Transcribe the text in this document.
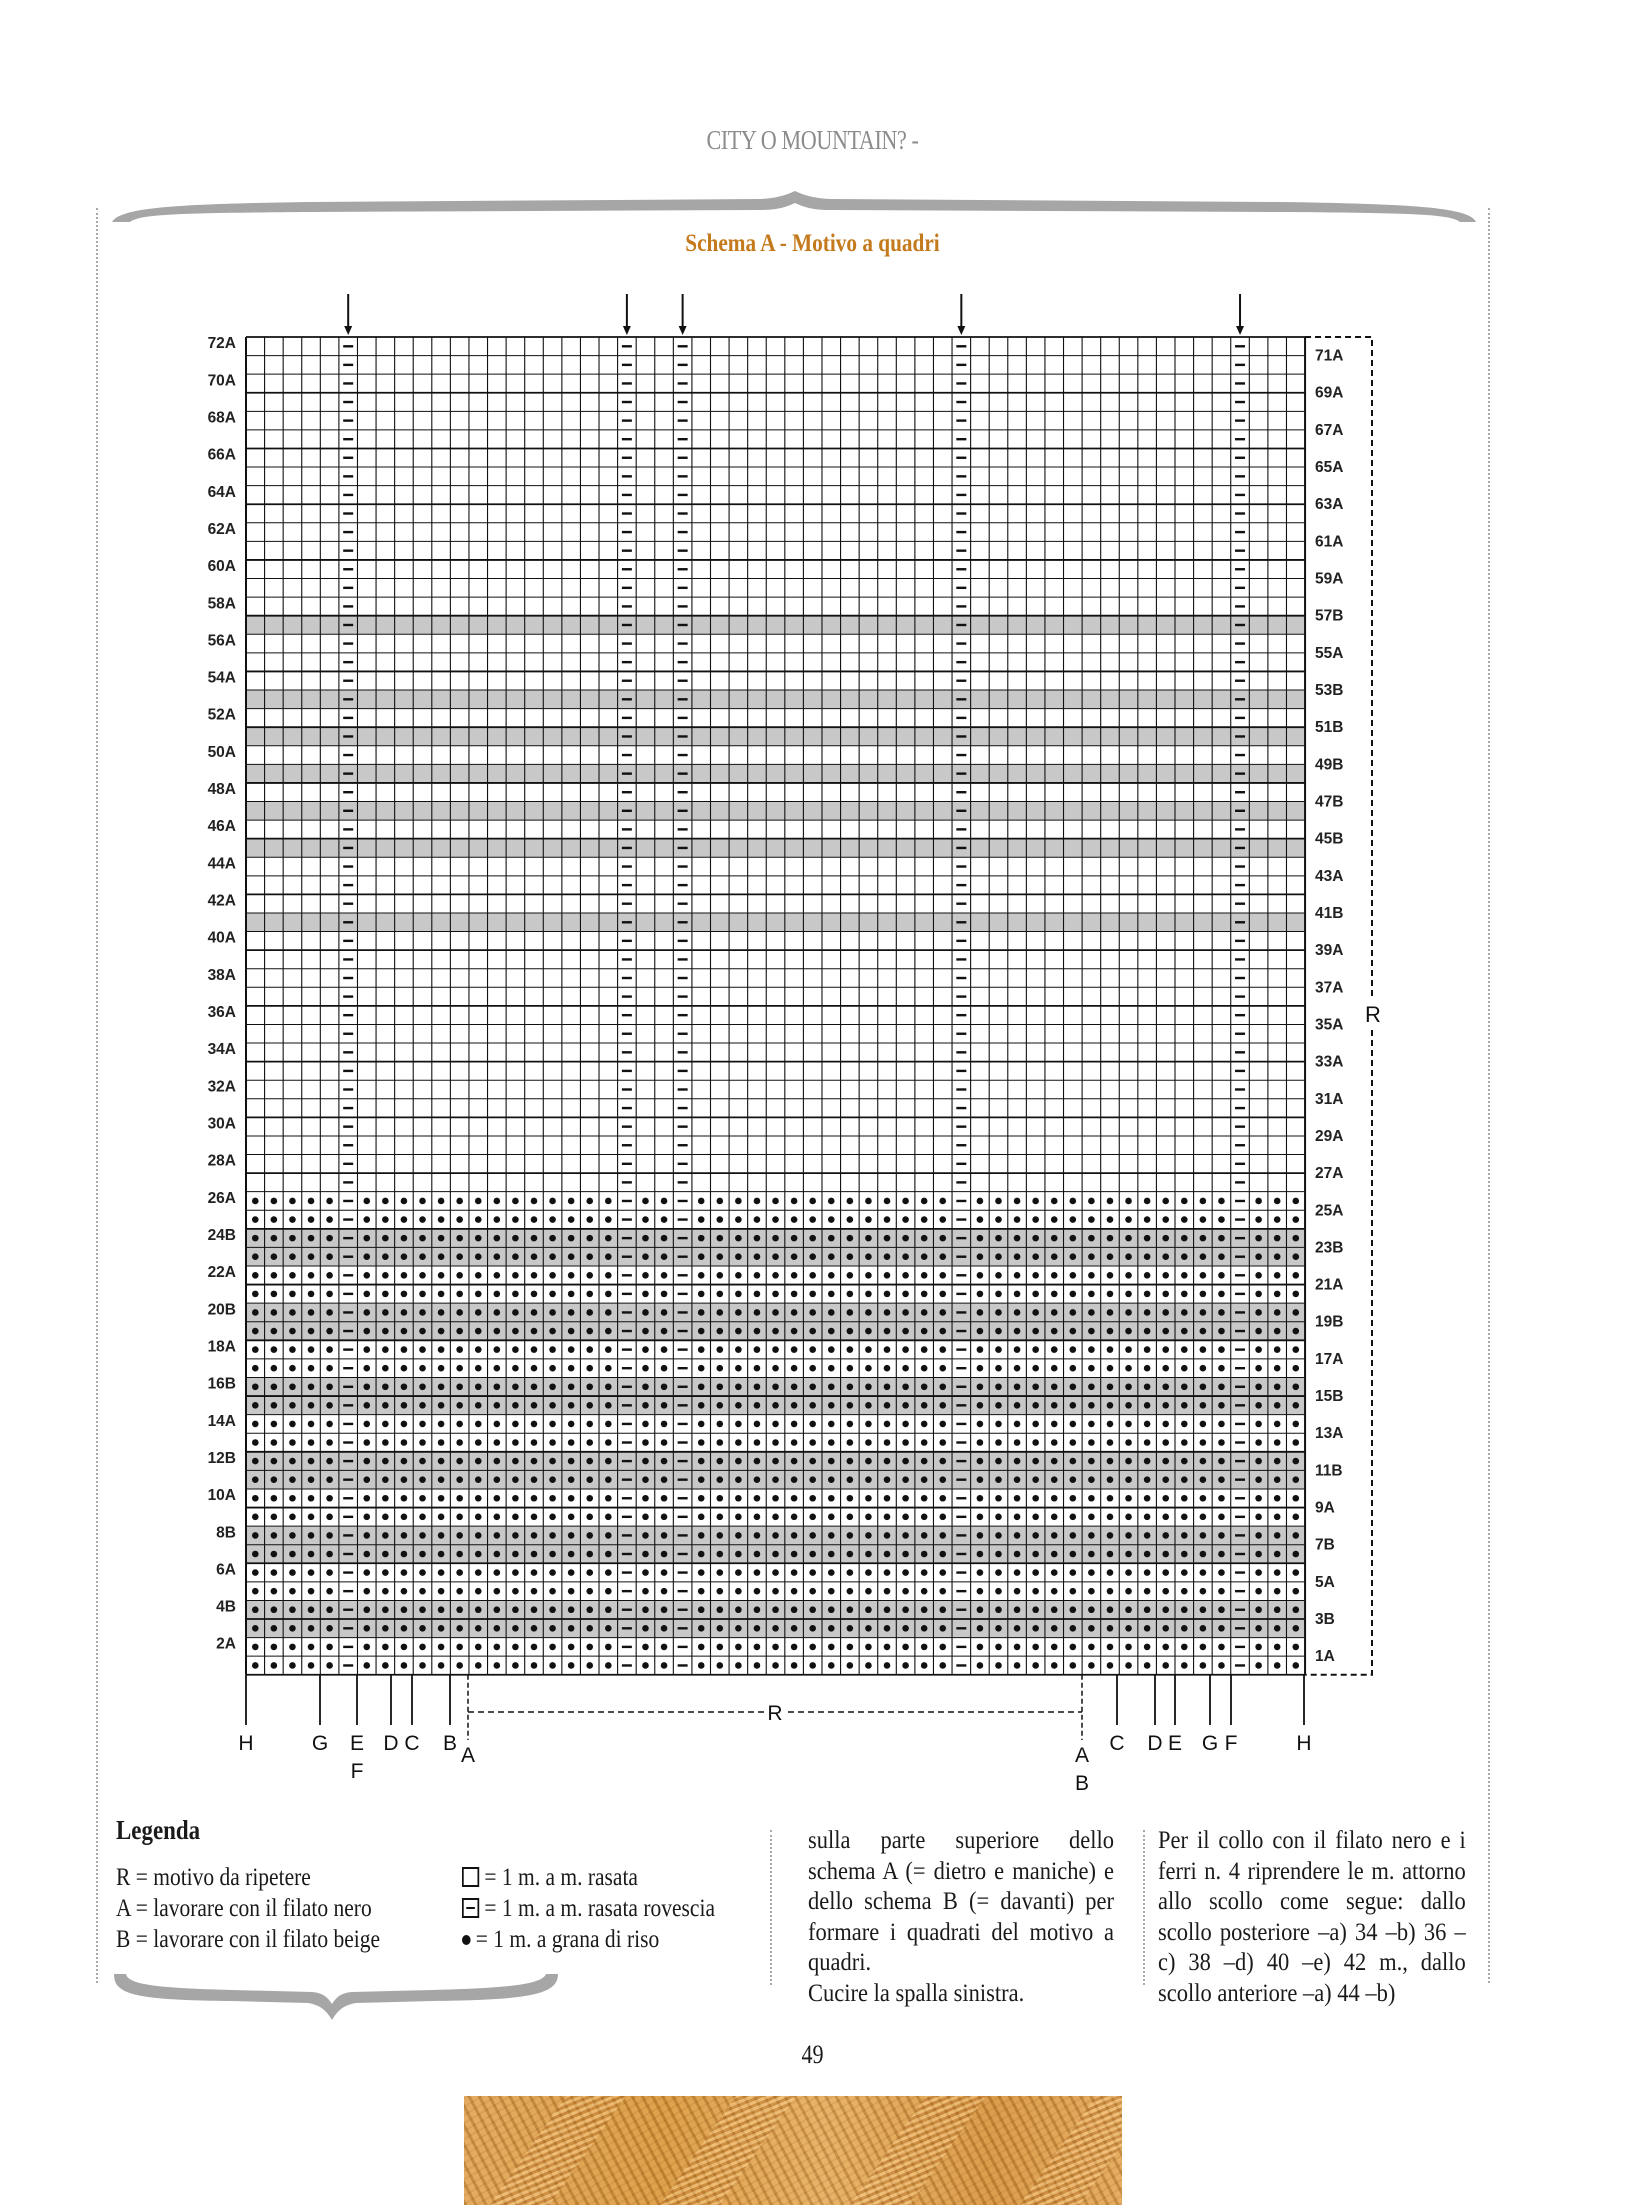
CITY O MOUNTAIN? -
Schema A - Motivo a quadri
2A
4B
6A
8B
10A
12B
14A
16B
18A
20B
22A
24B
26A
28A
30A
32A
34A
36A
38A
40A
42A
44A
46A
48A
50A
52A
54A
56A
58A
60A
62A
64A
66A
68A
70A
72A
1A
3B
5A
7B
9A
11B
13A
15B
17A
19B
21A
23B
25A
27A
29A
31A
33A
35A
37A
39A
41B
43A
45B
47B
49B
51B
53B
55A
57B
59A
61A
63A
65A
67A
69A
71A
R
H	G E
F
D C B
A	A
B
C D E G F	H
R
Legenda
R = motivo da ripetere
A = lavorare con il filato nero
B = lavorare con il filato beige
= 1 m. a m. rasata
= 1 m. a m. rasata rovescia
= 1 m. a grana di riso

sulla parte superiore dello schema A (= dietro e maniche) e dello schema B (= davanti) per formare i quadrati del motivo a quadri.

Cucire la spalla sinistra.

Per il collo con il filato nero e i ferri n. 4 riprendere le m. attorno allo scollo come segue: dallo scollo posteriore –a) 34 –b) 36 –c) 38 –d) 40 –e) 42 m., dallo scollo anteriore –a) 44 –b)

49
